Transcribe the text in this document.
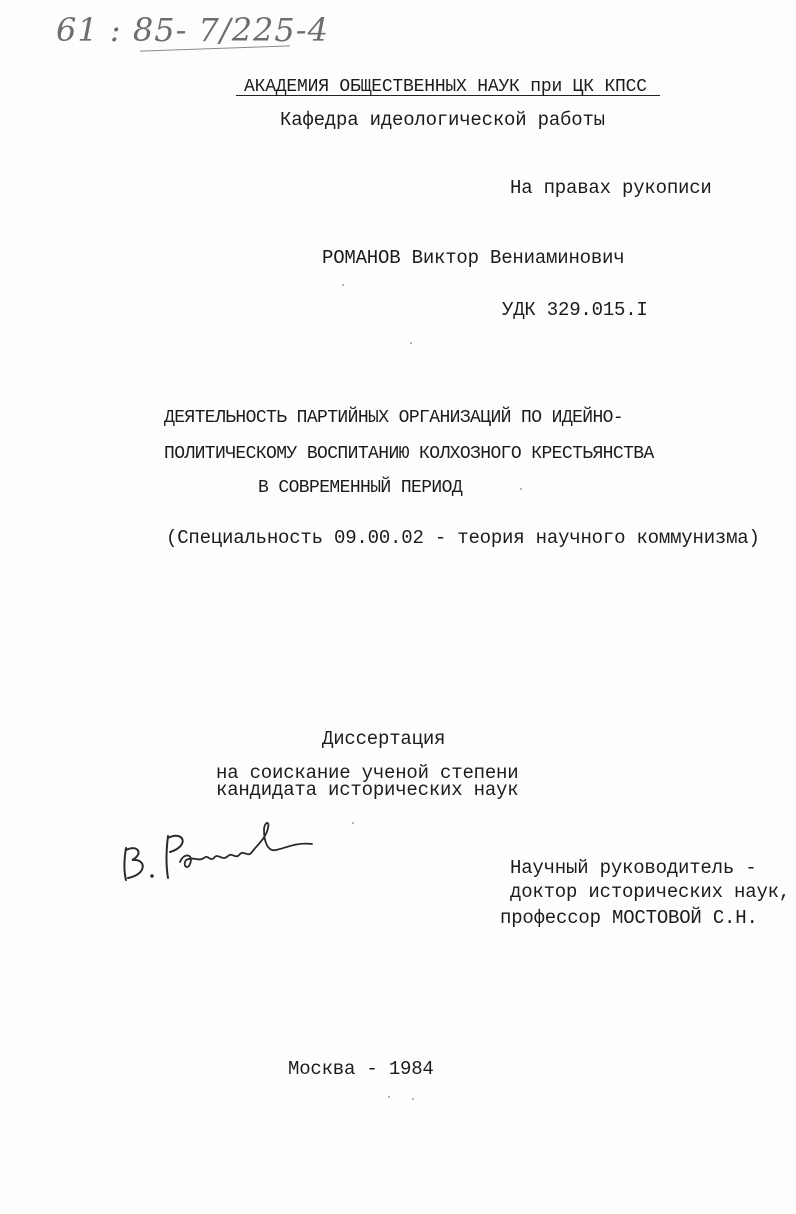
61 : 85- 7/225-4
АКАДЕМИЯ ОБЩЕСТВЕННЫХ НАУК при ЦК КПСС
Кафедра идеологической работы
На правах рукописи
РОМАНОВ Виктор Вениаминович
УДК 329.015.I
ДЕЯТЕЛЬНОСТЬ ПАРТИЙНЫХ ОРГАНИЗАЦИЙ ПО ИДЕЙНО-
ПОЛИТИЧЕСКОМУ ВОСПИТАНИЮ КОЛХОЗНОГО КРЕСТЬЯНСТВА
В СОВРЕМЕННЫЙ ПЕРИОД
(Специальность 09.00.02 - теория научного коммунизма)
Диссертация
на соискание ученой степени
кандидата исторических наук
Научный руководитель -
доктор исторических наук,
профессор МОСТОВОЙ С.Н.
Москва - 1984
